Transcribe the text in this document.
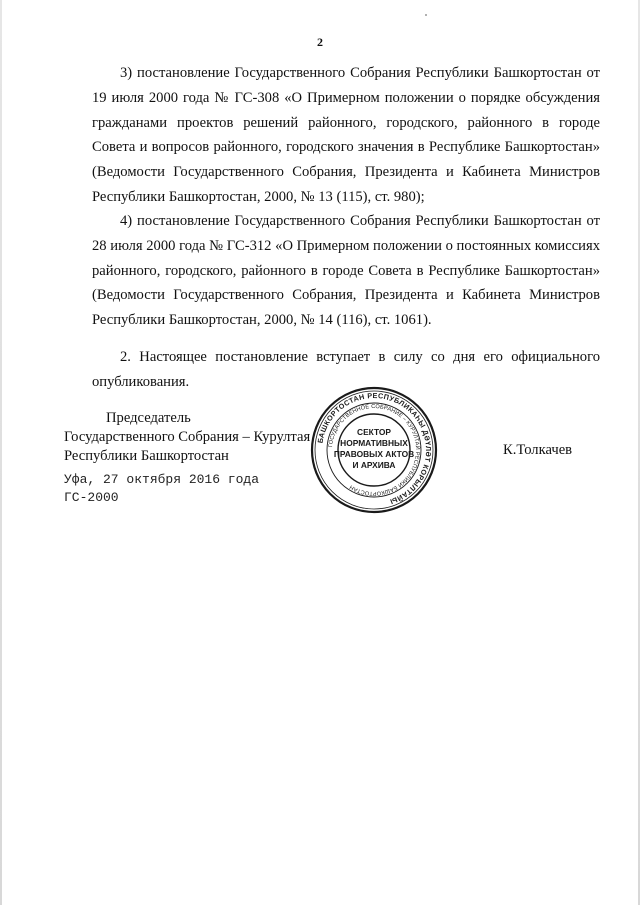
2

3) постановление Государственного Собрания Республики Башкортостан от 19 июля 2000 года № ГС-308 «О Примерном положении о порядке обсуждения гражданами проектов решений районного, городского, районного в городе Совета и вопросов районного, городского значения в Республике Башкортостан» (Ведомости Государственного Собрания, Президента и Кабинета Министров Республики Башкортостан, 2000, № 13 (115), ст. 980);

4) постановление Государственного Собрания Республики Башкортостан от 28 июля 2000 года № ГС-312 «О Примерном положении о постоянных комиссиях районного, городского, районного в городе Совета в Республике Башкортостан» (Ведомости Государственного Собрания, Президента и Кабинета Министров Республики Башкортостан, 2000, № 14 (116), ст. 1061).

2. Настоящее постановление вступает в силу со дня его официального опубликования.

Председатель
Государственного Собрания – Курултая
Республики Башкортостан	К.Толкачев
Уфа, 27 октября 2016 года
ГС-2000
БАШКОРТОСТАН РЕСПУБЛИКАҺЫ ДӘҮЛӘТ КОРЫЛТАЙЫ
ГОСУДАРСТВЕННОЕ СОБРАНИЕ – КУРУЛТАЙ РЕСПУБЛИКИ БАШКОРТОСТАН
СЕКТОР
НОРМАТИВНЫХ
ПРАВОВЫХ АКТОВ
И АРХИВА
